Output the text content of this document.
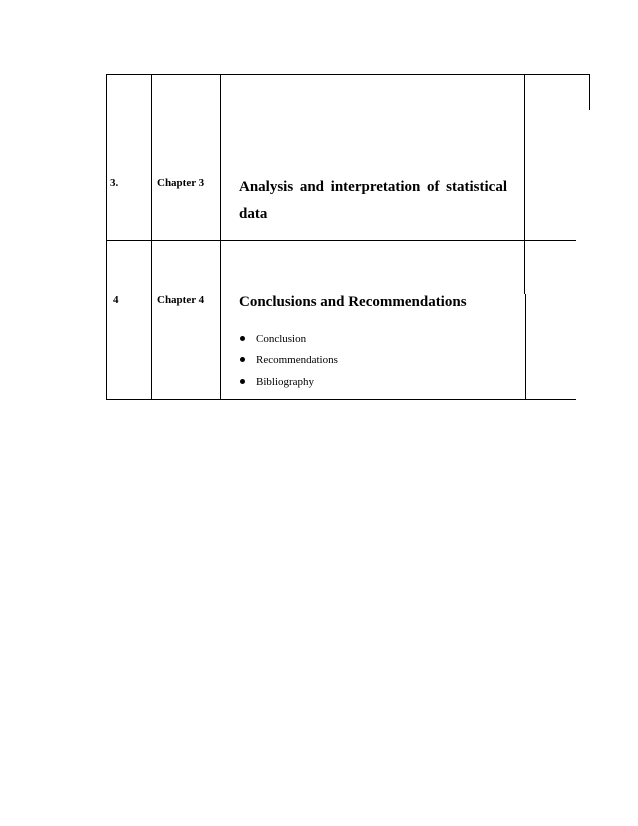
3.	Chapter 3 Analysis and interpretation of statistical
data
4	Chapter 4 Conclusions and Recommendations
Conclusion
Recommendations
Bibliography
